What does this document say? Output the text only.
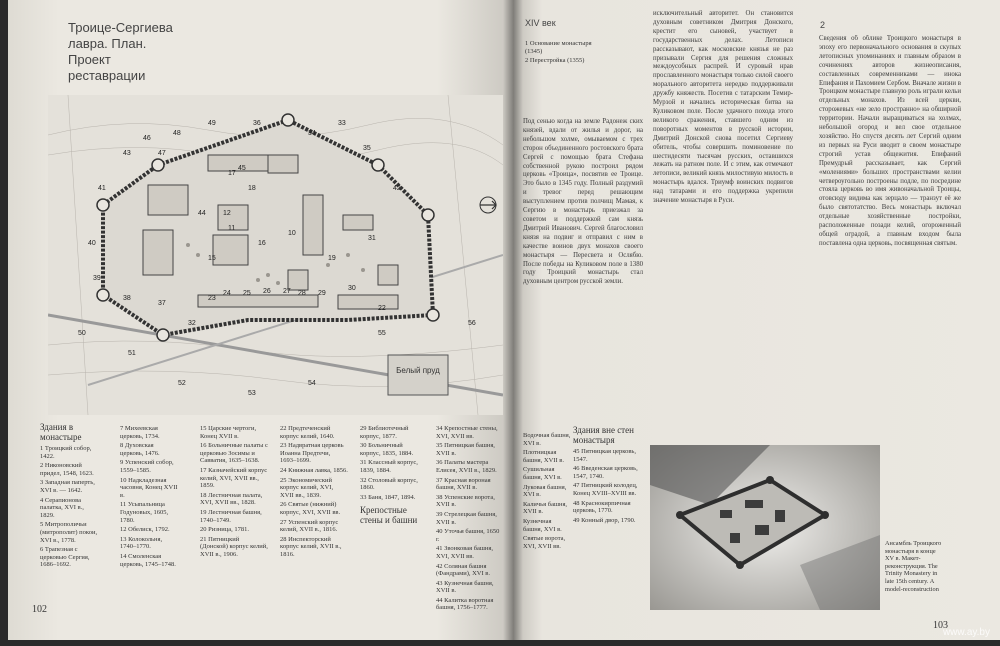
Троице-Сергиева лавра. План. Проект реставрации
Белый пруд
47
45
44
34
33
36
35
42
12
18
17
16
15
11
10
19
31
30
29
28
27
26
25
24
23
22
32
37
38
39
40
41
43
46
48
49
50
51
52
53
54
55
56
Здания в монастыре
1 Троицкий собор, 1422.
2 Никоновский придел, 1548, 1623.
3 Западная паперть, XVI в. — 1642.
4 Серапионова палатка, XVI в., 1829.
5 Митрополичьи (митрополит) покои, XVI в., 1778.
6 Трапезная с церковью Сергия, 1686–1692.
7 Михеевская церковь, 1734.
8 Духовская церковь, 1476.
9 Успенский собор, 1559–1585.
10 Надкладезная часовня, Конец XVII в.
11 Усыпальница Годуновых, 1605, 1780.
12 Обелиск, 1792.
13 Колокольня, 1740–1770.
14 Смоленская церковь, 1745–1748.
15 Царские чертоги, Конец XVII в.
16 Больничные палаты с церковью Зосимы и Савватия, 1635–1638.
17 Казначейский корпус келий, XVI, XVII вв., 1859.
18 Лестничная палата, XVI, XVII вв., 1828.
19 Лестничная башня, 1740–1749.
20 Ризница, 1781.
21 Пятницкий (Донской) корпус келий, XVII в., 1906.
22 Предтеченский корпус келий, 1640.
23 Надвратная церковь Иоанна Предтечи, 1693–1699.
24 Книжная лавка, 1856.
25 Экономический корпус келий, XVI, XVII вв., 1839.
26 Святые (нижний) корпус, XVI, XVII вв.
27 Успенский корпус келий, XVII в., 1816.
28 Инспекторский корпус келий, XVII в., 1816.
29 Библиотечный корпус, 1877.
30 Больничный корпус, 1835, 1884.
31 Классный корпус, 1839, 1884.
32 Столовый корпус, 1860.
33 Баня, 1847, 1894.
Крепостные стены и башни
34 Крепостные стены, XVI, XVII вв.
35 Пятницкая башня, XVII в.
36 Палаты мастера Елисея, XVII в., 1829.
37 Красная вороная башня, XVII в.
38 Успенские ворота, XVII в.
39 Стрелецкая башня, XVII в.
40 Уточья башня, 1650 г.
41 Звонковая башня, XVI, XVII вв.
42 Соляная башня (Фандрами), XVI в.
43 Кузнечная башня, XVII в.
44 Калитка воротная башня, 1756–1777.
102
XIV век
1 Основание монастыря (1345)
2 Перестройка (1355)
Под сенью когда на земле Радонеж ских князей, вдали от жилья и дорог, на небольшом холме, омываемом с трех сторон объединенного ростовского брата Сергей с помощью брата Стефана собственной рукою построил рядом церковь «Троица», посвятив ее Троице. Это было в 1345 году. Полный раздумий и тревог перед решающим выступлением против полчищ Мамая, к Сергию в монастырь приезжал за советом и поддержкой сам князь Дмитрий Иванович. Сергей благословил князя на подвиг и отправил с ним в качестве воинов двух монахов своего монастыря — Пересвета и Ослябю. После победы на Куликовом поле в 1380 году Троицкий монастырь стал духовным центром русской земли.
исключительный авторитет. Он становится духовным советником Дмитрия Донского, крестит его сыновей, участвует в государственных делах. Летописи рассказывают, как московские князья не раз призывали Сергия для решения сложных междоусобных распрей. И суровый нрав прославленного монастыря только силой своего морального авторитета нередко поддерживали дружбу княжеств. Посетив с татарским Темир-Мурзой и начались историческая битва на Куликовом поле. После удачного похода этого великого сражения, ставшего одним из поворотных моментов в русской истории, Дмитрий Донской снова посетил Сергиеву обитель, чтобы совершить поминовение по шестидесяти тысячам русских, оставшихся лежать на ратном поле. И с этим, как отмечают летописи, великий князь милостивую милость в монастырь вдался. Триумф воинских подвигов над татарами и его поддержка укрепили значение монастыря в Руси.
2
Сведения об облике Троицкого монастыря в эпоху его первоначального основания в скупых летописных упоминаниях и главным образом в сочинениях авторов жизнеописания, составленных современниками — инока Епифания и Пахомием Сербом. Вначале жизни в Троицком монастыре главную роль играли кельи отдельных монахов. Из всей церкви, сторожевых «не зело пространно» на обширной территории. Начали выращиваться на холмах, небольшой огород и вел свое отдельное хозяйство. Но спустя десять лет Сергий одним из первых на Руси вводит в своем монастыре строгий устав общежития. Епифаний Премудрый рассказывает, как Сергий «молениями» больших пространствами келии четвероугольно построены подле, по посредине стояла церковь во имя живоначальной Троицы, отовсюду видима как зерцало — транзут её же было святотатство. Весь монастырь включал отдельные хозяйственные постройки, расположенные позади келий, огороженный общей оградой, а главным входом была поставлена одна церковь, посвященная святым.
Водочная башня, XVI в.
Плотницкая башня, XVII в.
Сушильная башня, XVI в.
Луковая башня, XVI в.
Каличья башня, XVII в.
Кузнечная башня, XVI в.
Святые ворота, XVI, XVII вв.
Здания вне стен монастыря
45 Пятницкая церковь, 1547.
46 Введенская церковь, 1547, 1740.
47 Пятницкий колодец, Конец XVIII–XVIII вв.
48 Краснокирпичная церковь, 1770.
49 Конный двор, 1790.
103
Ансамбль Троицкого монастыря в конце XV в. Макет-реконструкция. The Trinity Monastery in late 15th century. A model-reconstruction
www.ay.by
